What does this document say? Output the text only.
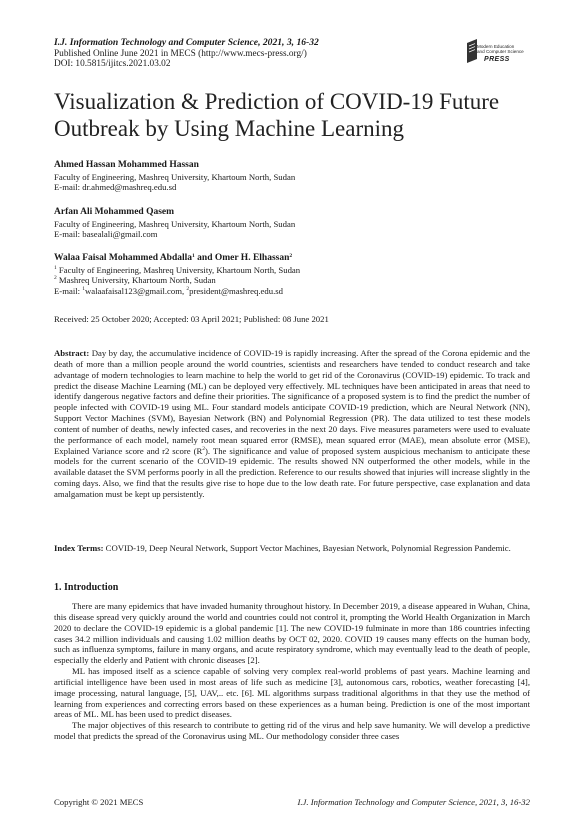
I.J. Information Technology and Computer Science, 2021, 3, 16-32
Published Online June 2021 in MECS (http://www.mecs-press.org/)
DOI: 10.5815/ijitcs.2021.03.02
Modern Education
and Computer Science
PRESS
Visualization & Prediction of COVID-19 Future Outbreak by Using Machine Learning
Ahmed Hassan Mohammed Hassan
Faculty of Engineering, Mashreq University, Khartoum North, Sudan
E-mail: dr.ahmed@mashreq.edu.sd
Arfan Ali Mohammed Qasem
Faculty of Engineering, Mashreq University, Khartoum North, Sudan
E-mail: basealali@gmail.com
Walaa Faisal Mohammed Abdalla$^1$ and Omer H. Elhassan$^2$
$^1$ Faculty of Engineering, Mashreq University, Khartoum North, Sudan
$^2$ Mashreq University, Khartoum North, Sudan
E-mail: $^1$walaafaisal123@gmail.com, $^2$president@mashreq.edu.sd
Received: 25 October 2020; Accepted: 03 April 2021; Published: 08 June 2021
Abstract: Day by day, the accumulative incidence of COVID-19 is rapidly increasing. After the spread of the Corona epidemic and the death of more than a million people around the world countries, scientists and researchers have tended to conduct research and take advantage of modern technologies to learn machine to help the world to get rid of the Coronavirus (COVID-19) epidemic. To track and predict the disease Machine Learning (ML) can be deployed very effectively. ML techniques have been anticipated in areas that need to identify dangerous negative factors and define their priorities. The significance of a proposed system is to find the predict the number of people infected with COVID-19 using ML. Four standard models anticipate COVID-19 prediction, which are Neural Network (NN), Support Vector Machines (SVM), Bayesian Network (BN) and Polynomial Regression (PR). The data utilized to test these models content of number of deaths, newly infected cases, and recoveries in the next 20 days. Five measures parameters were used to evaluate the performance of each model, namely root mean squared error (RMSE), mean squared error (MAE), mean absolute error (MSE), Explained Variance score and r2 score $(R^2)$. The significance and value of proposed system auspicious mechanism to anticipate these models for the current scenario of the COVID-19 epidemic. The results showed NN outperformed the other models, while in the available dataset the SVM performs poorly in all the prediction. Reference to our results showed that injuries will increase slightly in the coming days. Also, we find that the results give rise to hope due to the low death rate. For future perspective, case explanation and data amalgamation must be kept up persistently.
Index Terms: COVID-19, Deep Neural Network, Support Vector Machines, Bayesian Network, Polynomial Regression Pandemic.
1. Introduction

There are many epidemics that have invaded humanity throughout history. In December 2019, a disease appeared in Wuhan, China, this disease spread very quickly around the world and countries could not control it, prompting the World Health Organization in March 2020 to declare the COVID-19 epidemic is a global pandemic [1]. The new COVID-19 fulminate in more than 186 countries infecting cases 34.2 million individuals and causing 1.02 million deaths by OCT 02, 2020. COVID 19 causes many effects on the human body, such as influenza symptoms, failure in many organs, and acute respiratory syndrome, which may eventually lead to the death of people, especially the elderly and Patient with chronic diseases [2].

ML has imposed itself as a science capable of solving very complex real-world problems of past years. Machine learning and artificial intelligence have been used in most areas of life such as medicine [3], autonomous cars, robotics, weather forecasting [4], image processing, natural language, [5], UAV,.. etc. [6]. ML algorithms surpass traditional algorithms in that they use the method of learning from experiences and correcting errors based on these experiences as a human being. Prediction is one of the most important areas of ML. ML has been used to predict diseases.

The major objectives of this research to contribute to getting rid of the virus and help save humanity. We will develop a predictive model that predicts the spread of the Coronavirus using ML. Our methodology consider three cases

Copyright © 2021 MECS	I.J. Information Technology and Computer Science, 2021, 3, 16-32
